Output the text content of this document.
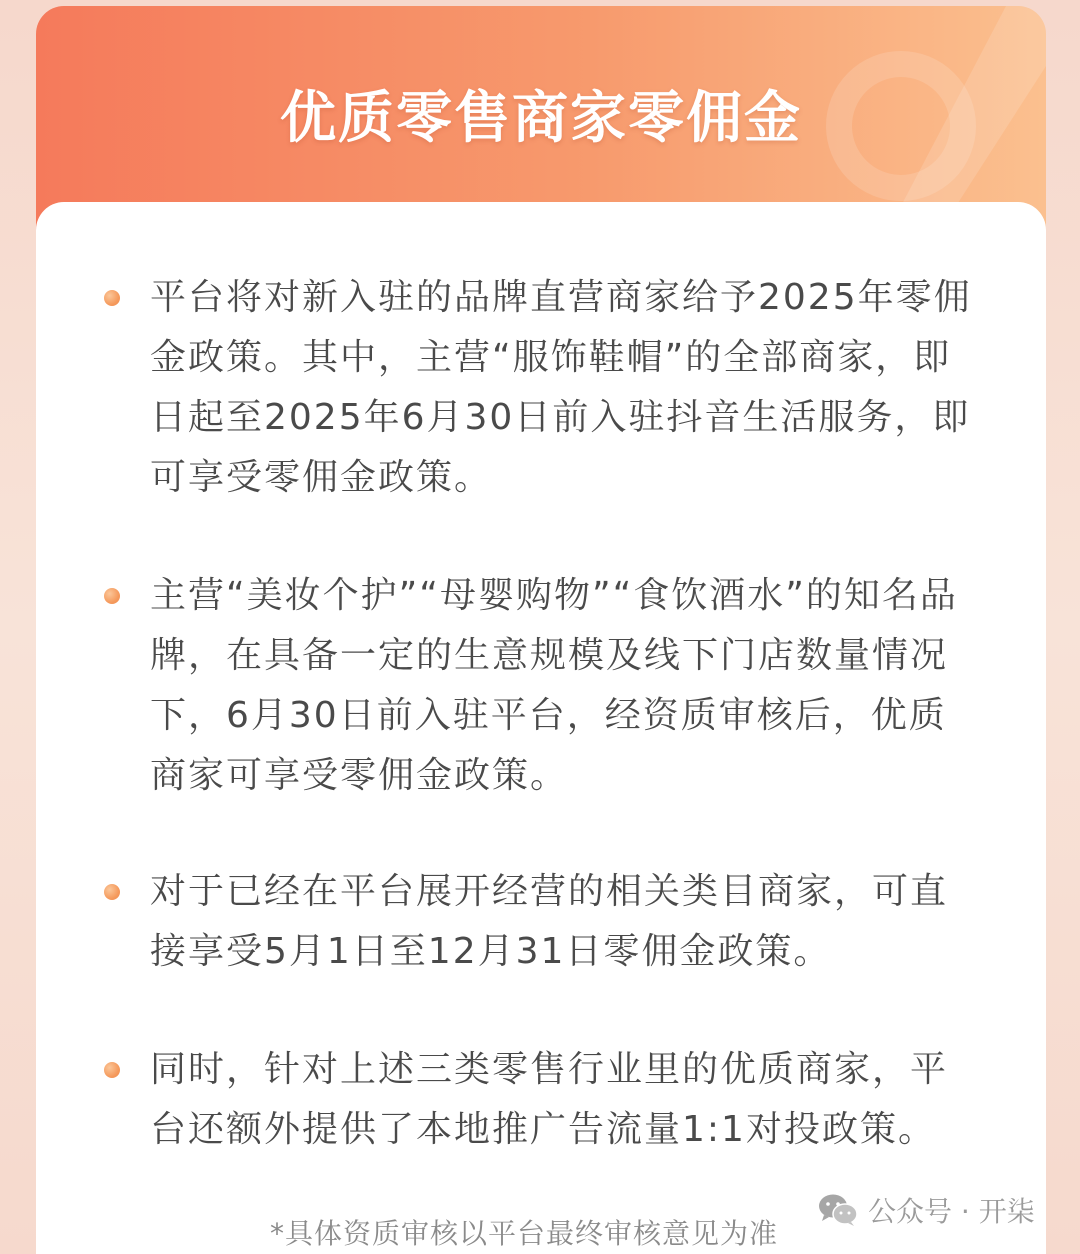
优质零售商家零佣金
平台将对新入驻的品牌直营商家给予2025年零佣金政策。其中，主营“服饰鞋帽”的全部商家，即日起至2025年6月30日前入驻抖音生活服务，即可享受零佣金政策。
主营“美妆个护”“母婴购物”“食饮酒水”的知名品牌，在具备一定的生意规模及线下门店数量情况下，6月30日前入驻平台，经资质审核后，优质商家可享受零佣金政策。
对于已经在平台展开经营的相关类目商家，可直接享受5月1日至12月31日零佣金政策。
同时，针对上述三类零售行业里的优质商家，平台还额外提供了本地推广告流量1:1对投政策。
*具体资质审核以平台最终审核意见为准
公众号 · 开柒
